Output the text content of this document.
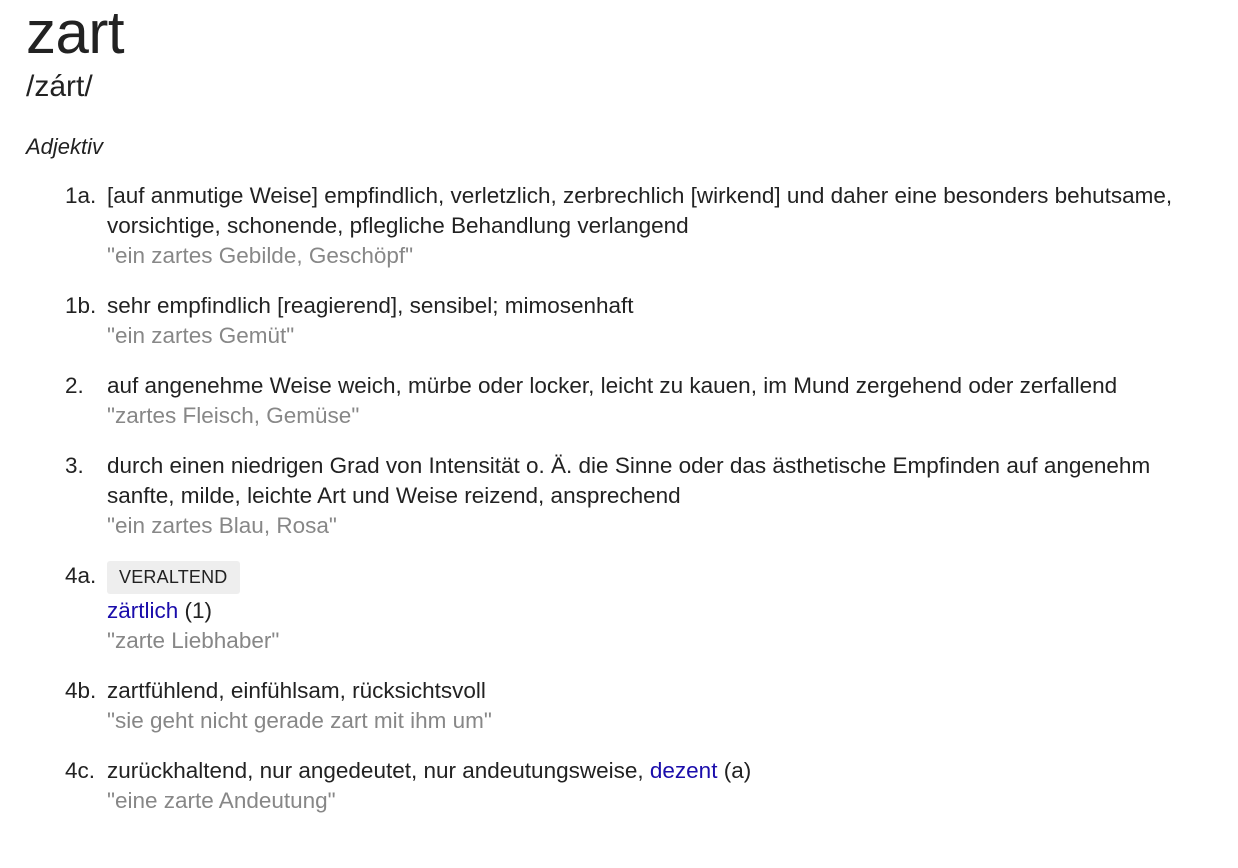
zart
/zárt/
Adjektiv
1a. [auf anmutige Weise] empfindlich, verletzlich, zerbrechlich [wirkend] und daher eine besonders behutsame, vorsichtige, schonende, pflegliche Behandlung verlangend
"ein zartes Gebilde, Geschöpf"
1b. sehr empfindlich [reagierend], sensibel; mimosenhaft
"ein zartes Gemüt"
2.	auf angenehme Weise weich, mürbe oder locker, leicht zu kauen, im Mund zergehend oder zerfallend
"zartes Fleisch, Gemüse"
3.	durch einen niedrigen Grad von Intensität o. Ä. die Sinne oder das ästhetische Empfinden auf angenehm sanfte, milde, leichte Art und Weise reizend, ansprechend
"ein zartes Blau, Rosa"
4a.	VERALTEND
zärtlich (1)
"zarte Liebhaber"
4b. zartfühlend, einfühlsam, rücksichtsvoll
"sie geht nicht gerade zart mit ihm um"
4c. zurückhaltend, nur angedeutet, nur andeutungsweise, dezent (a)
"eine zarte Andeutung"
